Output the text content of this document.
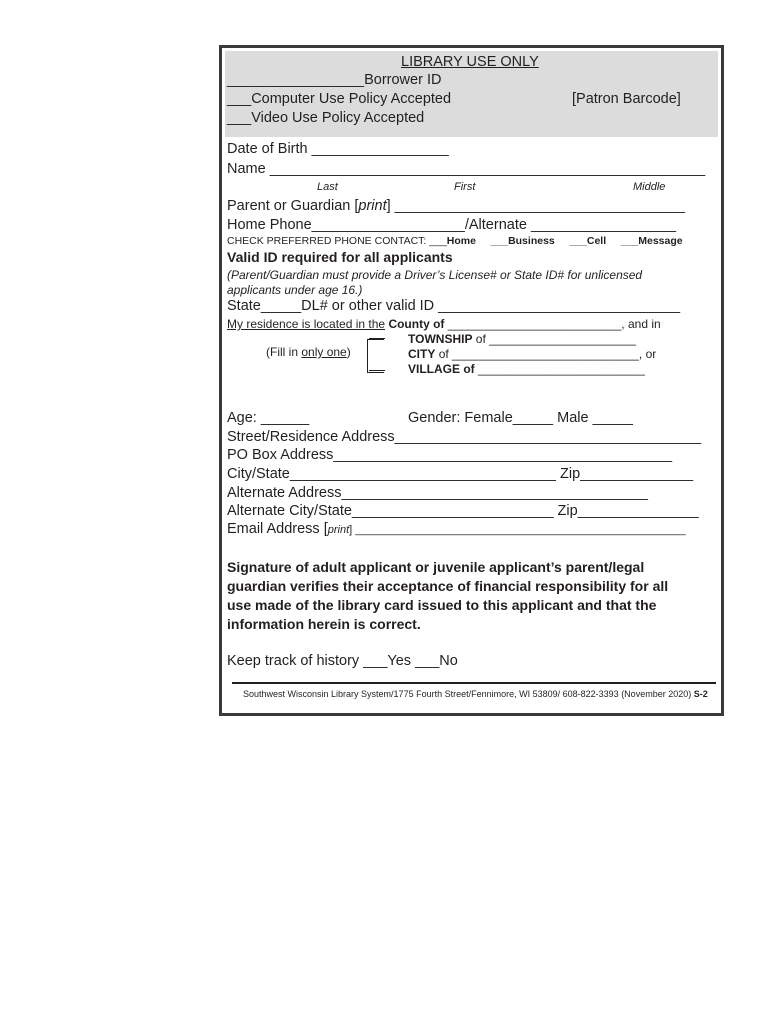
LIBRARY USE ONLY
_________________Borrower ID
___Computer Use Policy Accepted	[Patron Barcode]
___Video Use Policy Accepted
Date of Birth _________________
Name ______________________________________________________
Last	First	Middle
Parent or Guardian [print] ____________________________________
Home Phone___________________/Alternate __________________
CHECK PREFERRED PHONE CONTACT: ___Home ___Business ___Cell ___Message
Valid ID required for all applicants
(Parent/Guardian must provide a Driver’s License# or State ID# for unlicensed
applicants under age 16.)
State_____DL# or other valid ID ______________________________
My residence is located in the County of __________________________, and in
(Fill in only one)
TOWNSHIP of ______________________
CITY of ____________________________, or
VILLAGE of _________________________
Age: ______	Gender: Female_____ Male _____
Street/Residence Address______________________________________
PO Box Address__________________________________________
City/State_________________________________ Zip______________
Alternate Address______________________________________
Alternate City/State_________________________ Zip_______________
Email Address [print] ______________________________________________________
Signature of adult applicant or juvenile applicant’s parent/legal
guardian verifies their acceptance of financial responsibility for all
use made of the library card issued to this applicant and that the
information herein is correct.
Keep track of history ___Yes ___No
Southwest Wisconsin Library System/1775 Fourth Street/Fennimore, WI 53809/ 608-822-3393 (November 2020) S-2
